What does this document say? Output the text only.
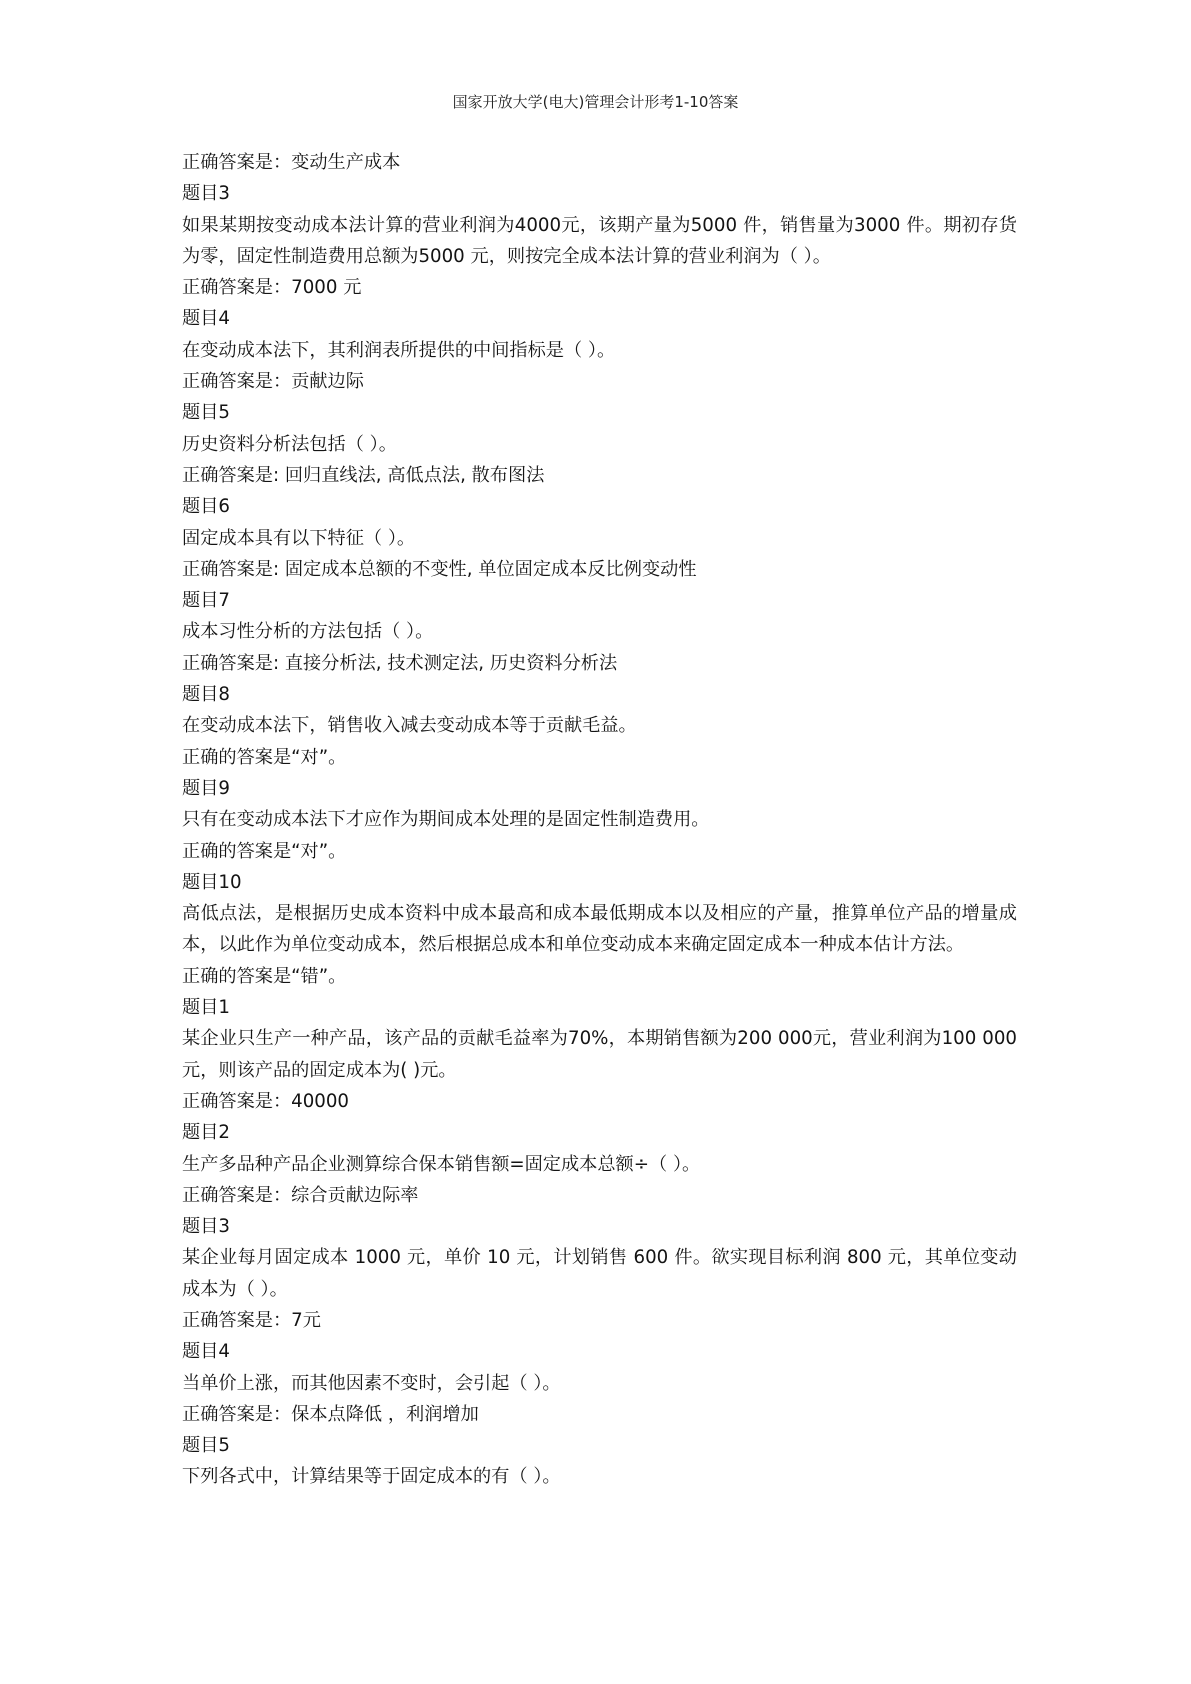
国家开放大学(电大)管理会计形考1-10答案
正确答案是：变动生产成本
题目3
如果某期按变动成本法计算的营业利润为4000元，该期产量为5000 件，销售量为3000 件。期初存货为零，固定性制造费用总额为5000 元，则按完全成本法计算的营业利润为（ ）。
正确答案是：7000 元
题目4
在变动成本法下，其利润表所提供的中间指标是（ ）。
正确答案是：贡献边际
题目5
历史资料分析法包括（ ）。
正确答案是: 回归直线法, 高低点法, 散布图法
题目6
固定成本具有以下特征（ ）。
正确答案是: 固定成本总额的不变性, 单位固定成本反比例变动性
题目7
成本习性分析的方法包括（ ）。
正确答案是: 直接分析法, 技术测定法, 历史资料分析法
题目8
在变动成本法下，销售收入减去变动成本等于贡献毛益。
正确的答案是“对”。
题目9
只有在变动成本法下才应作为期间成本处理的是固定性制造费用。
正确的答案是“对”。
题目10
高低点法，是根据历史成本资料中成本最高和成本最低期成本以及相应的产量，推算单位产品的增量成本，以此作为单位变动成本，然后根据总成本和单位变动成本来确定固定成本一种成本估计方法。
正确的答案是“错”。
题目1
某企业只生产一种产品，该产品的贡献毛益率为70%，本期销售额为200 000元，营业利润为100 000元，则该产品的固定成本为( )元。
正确答案是：40000
题目2
生产多品种产品企业测算综合保本销售额=固定成本总额÷（ ）。
正确答案是：综合贡献边际率
题目3
某企业每月固定成本 1000 元，单价 10 元，计划销售 600 件。欲实现目标利润 800 元，其单位变动成本为（ ）。
正确答案是：7元
题目4
当单价上涨，而其他因素不变时，会引起（ ）。
正确答案是：保本点降低 ，利润增加
题目5
下列各式中，计算结果等于固定成本的有（ ）。
